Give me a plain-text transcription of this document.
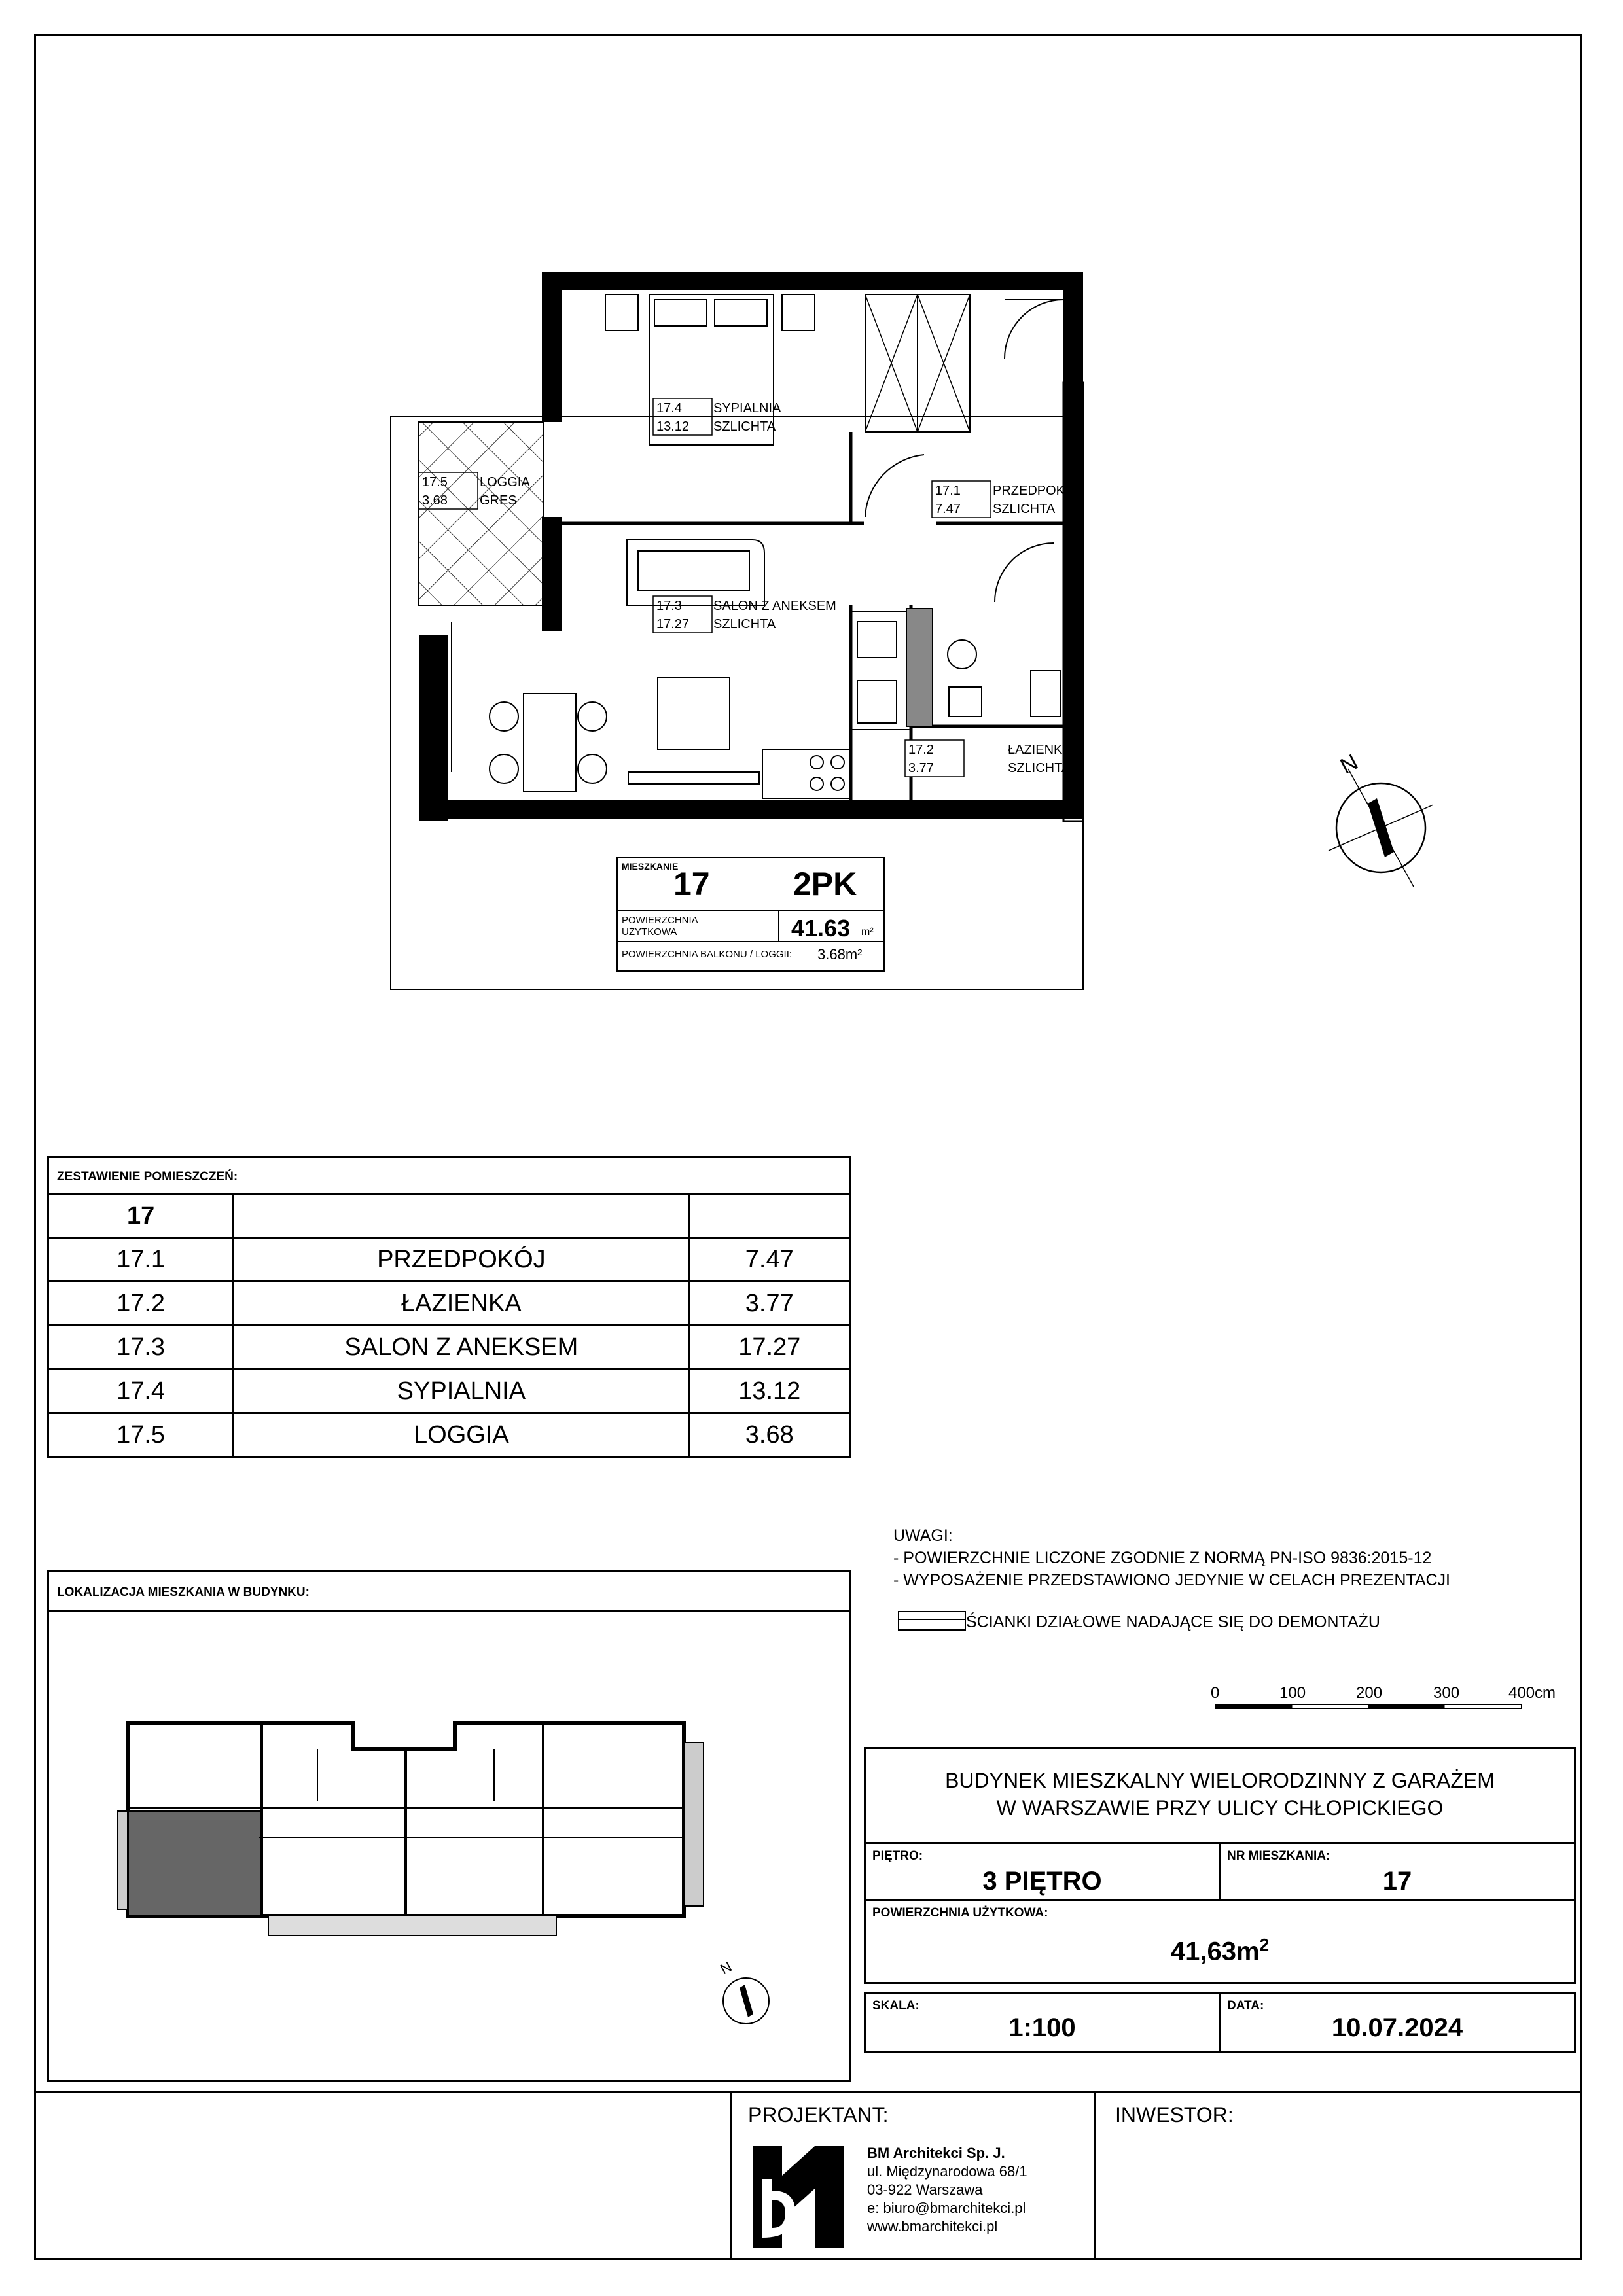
17.4
13.12
SYPIALNIA
SZLICHTA
17.1
7.47
PRZEDPOKÓJ
SZLICHTA
17.5
3.68
LOGGIA
GRES
17.3
17.27
SALON Z ANEKSEM
SZLICHTA
17.2
3.77
ŁAZIENKA
SZLICHTA	N
MIESZKANIE
17	2PK
POWIERZCHNIA
UŻYTKOWA	41.63 m²
POWIERZCHNIA BALKONU / LOGGII: 3.68m²
ZESTAWIENIE POMIESZCZEŃ:
17		
17.1	PRZEDPOKÓJ	7.47
17.2	ŁAZIENKA	3.77
17.3	SALON Z ANEKSEM	17.27
17.4	SYPIALNIA	13.12
17.5	LOGGIA	3.68
UWAGI:
- POWIERZCHNIE LICZONE ZGODNIE Z NORMĄ PN-ISO 9836:2015-12
- WYPOSAŻENIE PRZEDSTAWIONO JEDYNIE W CELACH PREZENTACJI
ŚCIANKI DZIAŁOWE NADAJĄCE SIĘ DO DEMONTAŻU
0	100	200	300	400cm
LOKALIZACJA MIESZKANIA W BUDYNKU:
N
BUDYNEK MIESZKALNY WIELORODZINNY Z GARAŻEM
W WARSZAWIE PRZY ULICY CHŁOPICKIEGO
PIĘTRO:
3 PIĘTRO
NR MIESZKANIA:
17
POWIERZCHNIA UŻYTKOWA:
$41,63m^2$
SKALA:
1:100
DATA:
10.07.2024
PROJEKTANT:	INWESTOR:
BM Architekci Sp. J.
ul. Międzynarodowa 68/1
03-922 Warszawa
e: biuro@bmarchitekci.pl
www.bmarchitekci.pl
